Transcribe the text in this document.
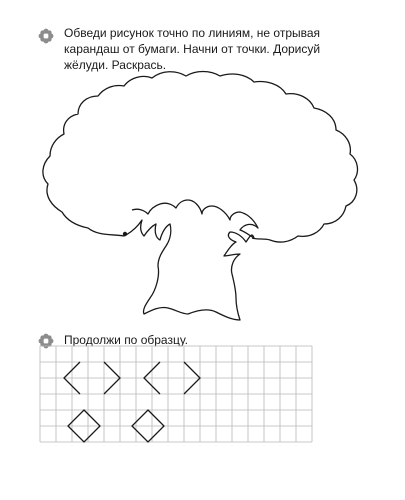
Обведи рисунок точно по линиям, не отрывая карандаш от бумаги. Начни от точки. Дорисуй жёлуди. Раскрась.
Продолжи по образцу.
